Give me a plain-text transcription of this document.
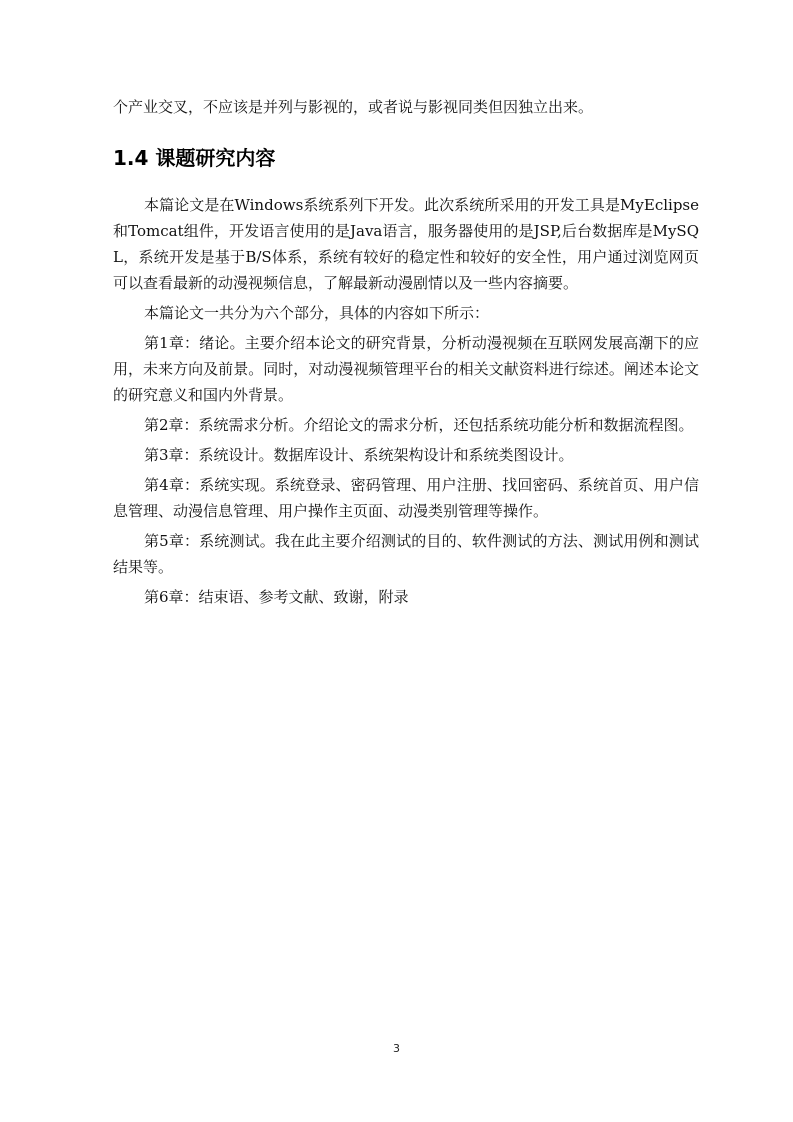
个产业交叉，不应该是并列与影视的，或者说与影视同类但因独立出来。

1.4 课题研究内容

本篇论文是在Windows系统系列下开发。此次系统所采用的开发工具是MyEclipse和Tomcat组件，开发语言使用的是Java语言，服务器使用的是JSP,后台数据库是MySQL，系统开发是基于B/S体系，系统有较好的稳定性和较好的安全性，用户通过浏览网页可以查看最新的动漫视频信息，了解最新动漫剧情以及一些内容摘要。

本篇论文一共分为六个部分，具体的内容如下所示：

第1章：绪论。主要介绍本论文的研究背景，分析动漫视频在互联网发展高潮下的应用，未来方向及前景。同时，对动漫视频管理平台的相关文献资料进行综述。阐述本论文的研究意义和国内外背景。

第2章：系统需求分析。介绍论文的需求分析，还包括系统功能分析和数据流程图。

第3章：系统设计。数据库设计、系统架构设计和系统类图设计。

第4章：系统实现。系统登录、密码管理、用户注册、找回密码、系统首页、用户信息管理、动漫信息管理、用户操作主页面、动漫类别管理等操作。

第5章：系统测试。我在此主要介绍测试的目的、软件测试的方法、测试用例和测试结果等。

第6章：结束语、参考文献、致谢，附录

3
